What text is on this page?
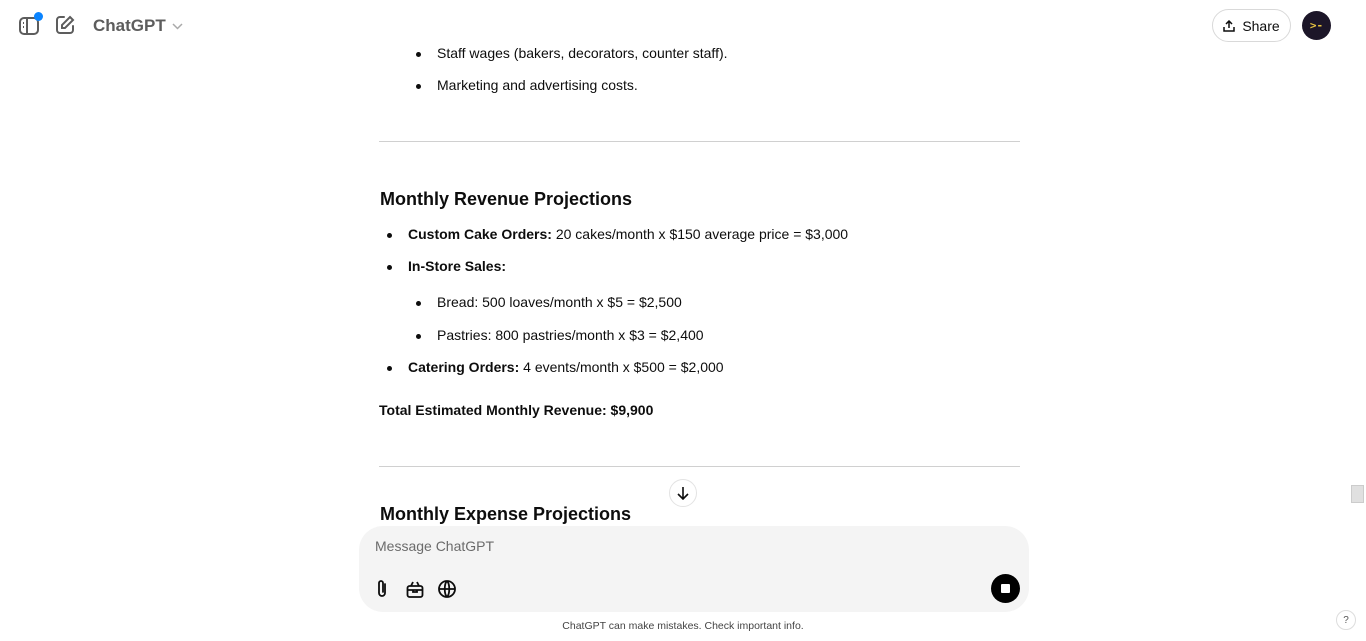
ChatGPT	Share	>-
Staff wages (bakers, decorators, counter staff).
Marketing and advertising costs.
Monthly Revenue Projections
Custom Cake Orders: 20 cakes/month x $150 average price = $3,000
In-Store Sales:
Bread: 500 loaves/month x $5 = $2,500
Pastries: 800 pastries/month x $3 = $2,400
Catering Orders: 4 events/month x $500 = $2,000
Total Estimated Monthly Revenue: $9,900
Monthly Expense Projections
Message ChatGPT
ChatGPT can make mistakes. Check important info.	?
